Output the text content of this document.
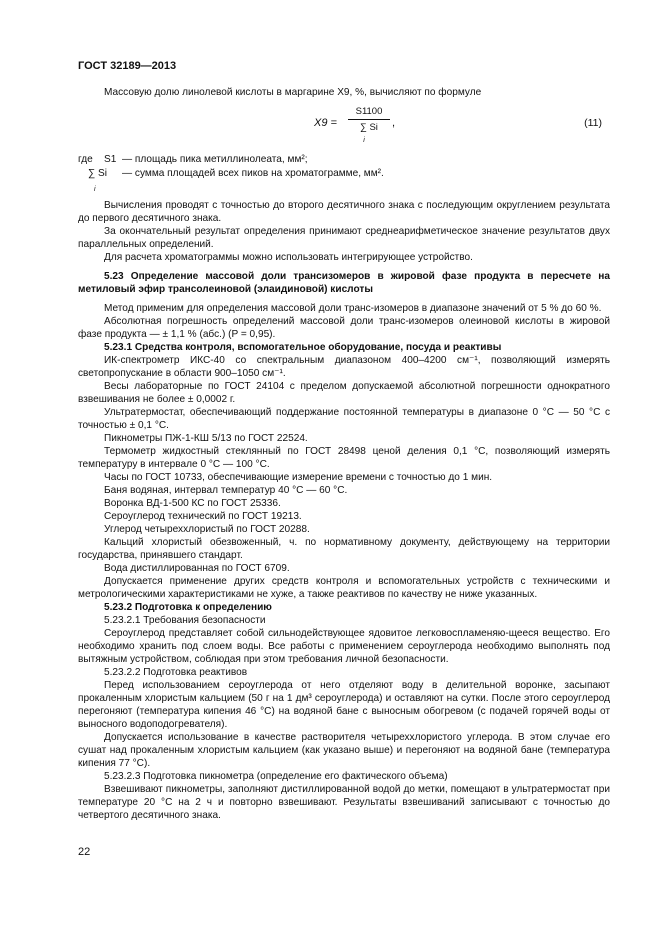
ГОСТ 32189—2013

Массовую долю линолевой кислоты в маргарине X9, %, вычисляют по формуле

X9 =
S1100
∑ Si
i
,	(11)
где S1 — площадь пика метиллинолеата, мм²;
∑ Si
i
— сумма площадей всех пиков на хроматограмме, мм².

Вычисления проводят с точностью до второго десятичного знака с последующим округлением результата до первого десятичного знака.

За окончательный результат определения принимают среднеарифметическое значение результатов двух параллельных определений.

Для расчета хроматограммы можно использовать интегрирующее устройство.

5.23 Определение массовой доли трансизомеров в жировой фазе продукта в пересчете на метиловый эфир трансолеиновой (элаидиновой) кислоты

Метод применим для определения массовой доли транс-изомеров в диапазоне значений от 5 % до 60 %.

Абсолютная погрешность определений массовой доли транс-изомеров олеиновой кислоты в жировой фазе продукта — ± 1,1 % (абс.) (P = 0,95).

5.23.1 Средства контроля, вспомогательное оборудование, посуда и реактивы

ИК-спектрометр ИКС-40 со спектральным диапазоном 400–4200 см⁻¹, позволяющий измерять светопропускание в области 900–1050 см⁻¹.

Весы лабораторные по ГОСТ 24104 с пределом допускаемой абсолютной погрешности однократного взвешивания не более ± 0,0002 г.

Ультратермостат, обеспечивающий поддержание постоянной температуры в диапазоне 0 °С — 50 °С с точностью ± 0,1 °С.

Пикнометры ПЖ-1-КШ 5/13 по ГОСТ 22524.

Термометр жидкостный стеклянный по ГОСТ 28498 ценой деления 0,1 °С, позволяющий измерять температуру в интервале 0 °С — 100 °С.

Часы по ГОСТ 10733, обеспечивающие измерение времени с точностью до 1 мин.

Баня водяная, интервал температур 40 °С — 60 °С.

Воронка ВД-1-500 КС по ГОСТ 25336.

Сероуглерод технический по ГОСТ 19213.

Углерод четыреххлористый по ГОСТ 20288.

Кальций хлористый обезвоженный, ч. по нормативному документу, действующему на территории государства, принявшего стандарт.

Вода дистиллированная по ГОСТ 6709.

Допускается применение других средств контроля и вспомогательных устройств с техническими и метрологическими характеристиками не хуже, а также реактивов по качеству не ниже указанных.

5.23.2 Подготовка к определению

5.23.2.1 Требования безопасности

Сероуглерод представляет собой сильнодействующее ядовитое легковоспламеняю-щееся вещество. Его необходимо хранить под слоем воды. Все работы с применением сероуглерода необходимо выполнять под вытяжным устройством, соблюдая при этом требования личной безопасности.

5.23.2.2 Подготовка реактивов

Перед использованием сероуглерода от него отделяют воду в делительной воронке, засыпают прокаленным хлористым кальцием (50 г на 1 дм³ сероуглерода) и оставляют на сутки. После этого сероуглерод перегоняют (температура кипения 46 °С) на водяной бане с выносным обогревом (с подачей горячей воды от выносного водоподогревателя).

Допускается использование в качестве растворителя четыреххлористого углерода. В этом случае его сушат над прокаленным хлористым кальцием (как указано выше) и перегоняют на водяной бане (температура кипения 77 °С).

5.23.2.3 Подготовка пикнометра (определение его фактического объема)

Взвешивают пикнометры, заполняют дистиллированной водой до метки, помещают в ультратермостат при температуре 20 °С на 2 ч и повторно взвешивают. Результаты взвешиваний записывают с точностью до четвертого десятичного знака.

22
